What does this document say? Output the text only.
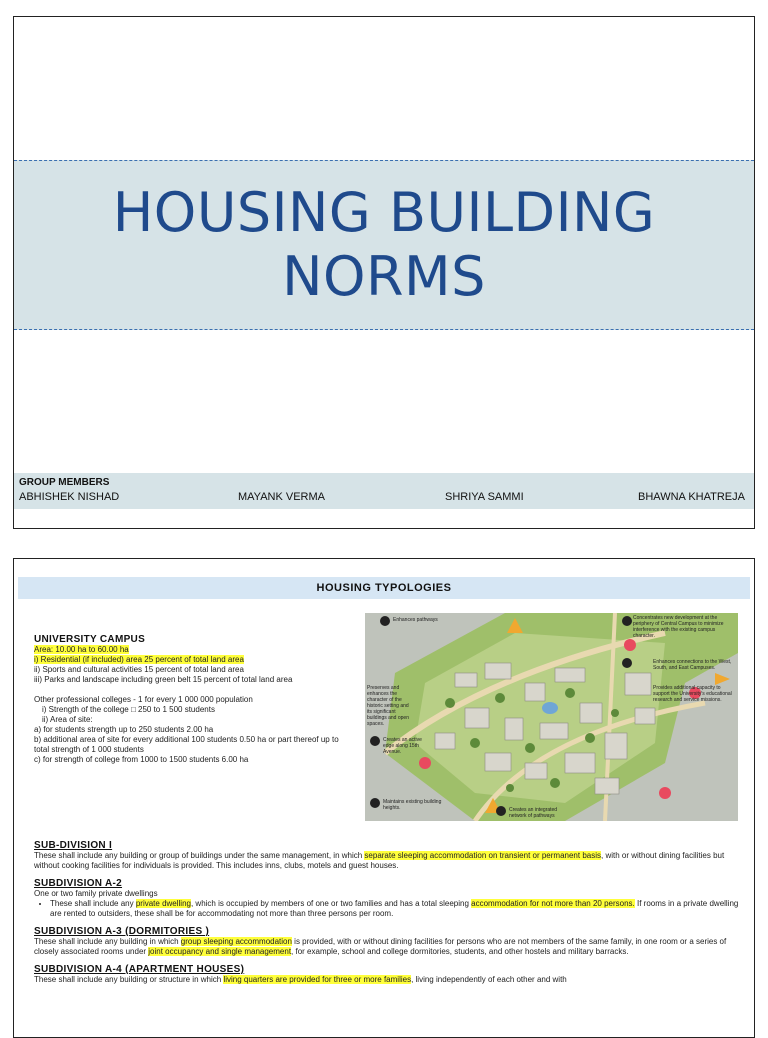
HOUSING BUILDING
NORMS
GROUP MEMBERS
ABHISHEK NISHAD	MAYANK VERMA	SHRIYA SAMMI	BHAWNA KHATREJA
HOUSING TYPOLOGIES
UNIVERSITY CAMPUS
Area: 10.00 ha to 60.00 ha
i) Residential (if included) area 25 percent of total land area
ii) Sports and cultural activities 15 percent of total land area
iii) Parks and landscape including green belt 15 percent of total land area
Other professional colleges - 1 for every 1 000 000 population
i) Strength of the college □ 250 to 1 500 students
ii) Area of site:
a) for students strength up to 250 students 2.00 ha
b) additional area of site for every additional 100 students 0.50 ha or part thereof up to total strength of 1 000 students
c) for strength of college from 1000 to 1500 students 6.00 ha
Enhances pathways	Concentrates new development at the periphery of Central Campus to minimize interference with the existing campus character.
Enhances connections to the West, South, and East Campuses.
Provides additional capacity to support the University's educational research and service missions.
Preserves and enhances the character of the historic setting and its significant buildings and open spaces.
Creates an active edge along 15th Avenue.
Maintains existing building heights.	Creates an integrated network of pathways
SUB-DIVISION I

These shall include any building or group of buildings under the same management, in which separate sleeping accommodation on transient or permanent basis, with or without dining facilities but without cooking facilities for individuals is provided. This includes inns, clubs, motels and guest houses.

SUBDIVISION A-2

One or two family private dwellings

• These shall include any private dwelling, which is occupied by members of one or two families and has a total sleeping accommodation for not more than 20 persons. If rooms in a private dwelling are rented to outsiders, these shall be for accommodating not more than three persons per room.
SUBDIVISION A-3 (DORMITORIES )

These shall include any building in which group sleeping accommodation is provided, with or without dining facilities for persons who are not members of the same family, in one room or a series of closely associated rooms under joint occupancy and single management, for example, school and college dormitories, students, and other hostels and military barracks.

SUBDIVISION A-4 (APARTMENT HOUSES)

These shall include any building or structure in which living quarters are provided for three or more families, living independently of each other and with
